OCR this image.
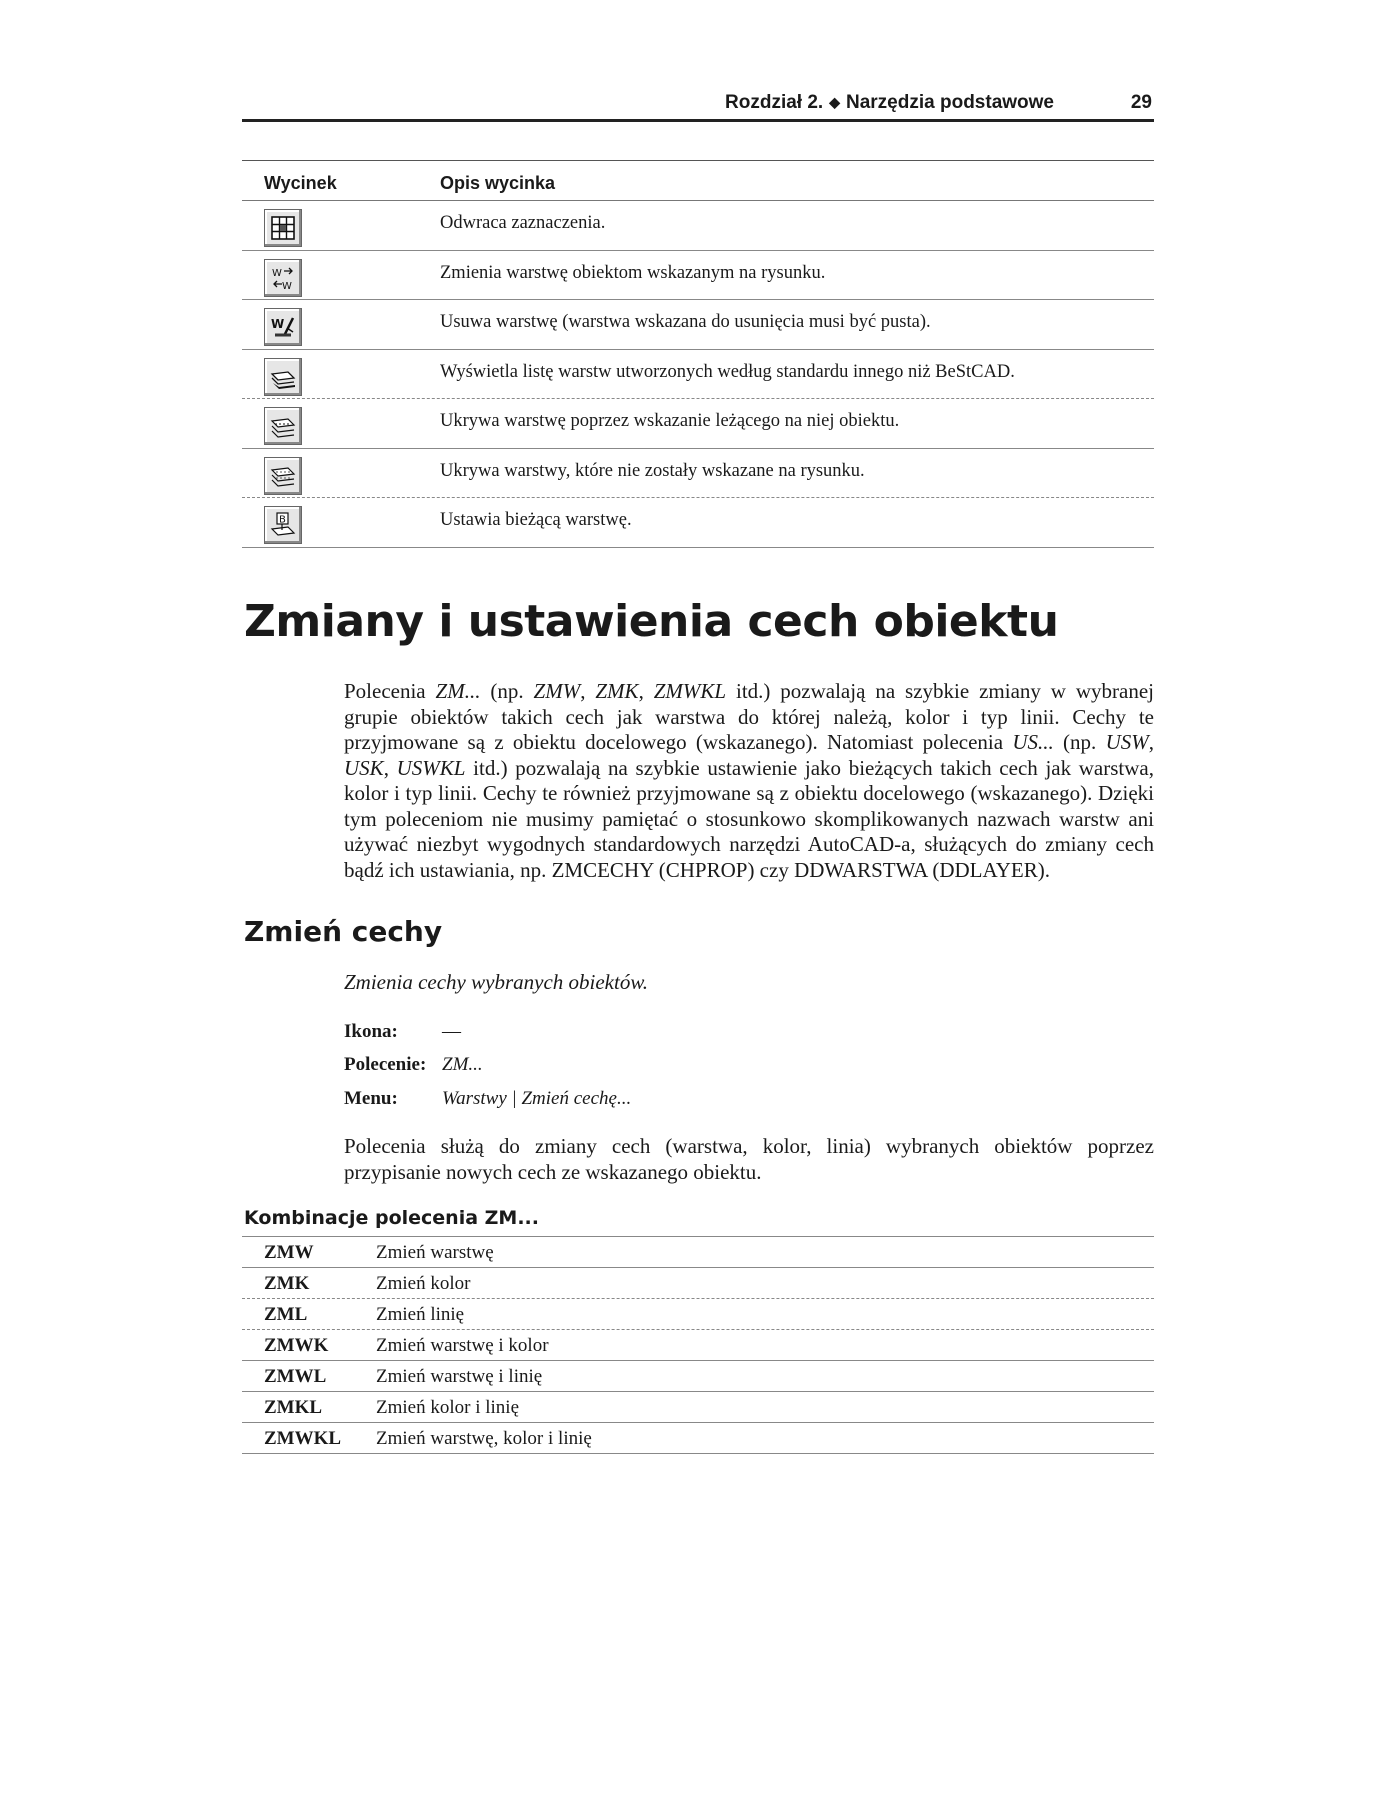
Rozdział 2. ◆ Narzędzia podstawowe	29
Wycinek	Opis wycinka
Odwraca zaznaczenia.
W
W
Zmienia warstwę obiektom wskazanym na rysunku.
W	Usuwa warstwę (warstwa wskazana do usunięcia musi być pusta).
Wyświetla listę warstw utworzonych według standardu innego niż BeStCAD.
Ukrywa warstwę poprzez wskazanie leżącego na niej obiektu.
Ukrywa warstwy, które nie zostały wskazane na rysunku.
B	Ustawia bieżącą warstwę.
Zmiany i ustawienia cech obiektu

Polecenia ZM... (np. ZMW, ZMK, ZMWKL itd.) pozwalają na szybkie zmiany w wybranej grupie obiektów takich cech jak warstwa do której należą, kolor i typ linii. Cechy te przyjmowane są z obiektu docelowego (wskazanego). Natomiast polecenia US... (np. USW, USK, USWKL itd.) pozwalają na szybkie ustawienie jako bieżących takich cech jak warstwa, kolor i typ linii. Cechy te również przyjmowane są z obiektu docelowego (wskazanego). Dzięki tym poleceniom nie musimy pamiętać o stosunkowo skomplikowanych nazwach warstw ani używać niezbyt wygodnych standardowych narzędzi AutoCAD-a, służących do zmiany cech bądź ich ustawiania, np. ZMCECHY (CHPROP) czy DDWARSTWA (DDLAYER).

Zmień cechy

Zmienia cechy wybranych obiektów.

Ikona: —
Polecenie: ZM...
Menu: Warstwy | Zmień cechę...

Polecenia służą do zmiany cech (warstwa, kolor, linia) wybranych obiektów poprzez przypisanie nowych cech ze wskazanego obiektu.

Kombinacje polecenia ZM...
ZMW	Zmień warstwę
ZMK	Zmień kolor
ZML	Zmień linię
ZMWK	Zmień warstwę i kolor
ZMWL	Zmień warstwę i linię
ZMKL	Zmień kolor i linię
ZMWKL Zmień warstwę, kolor i linię
